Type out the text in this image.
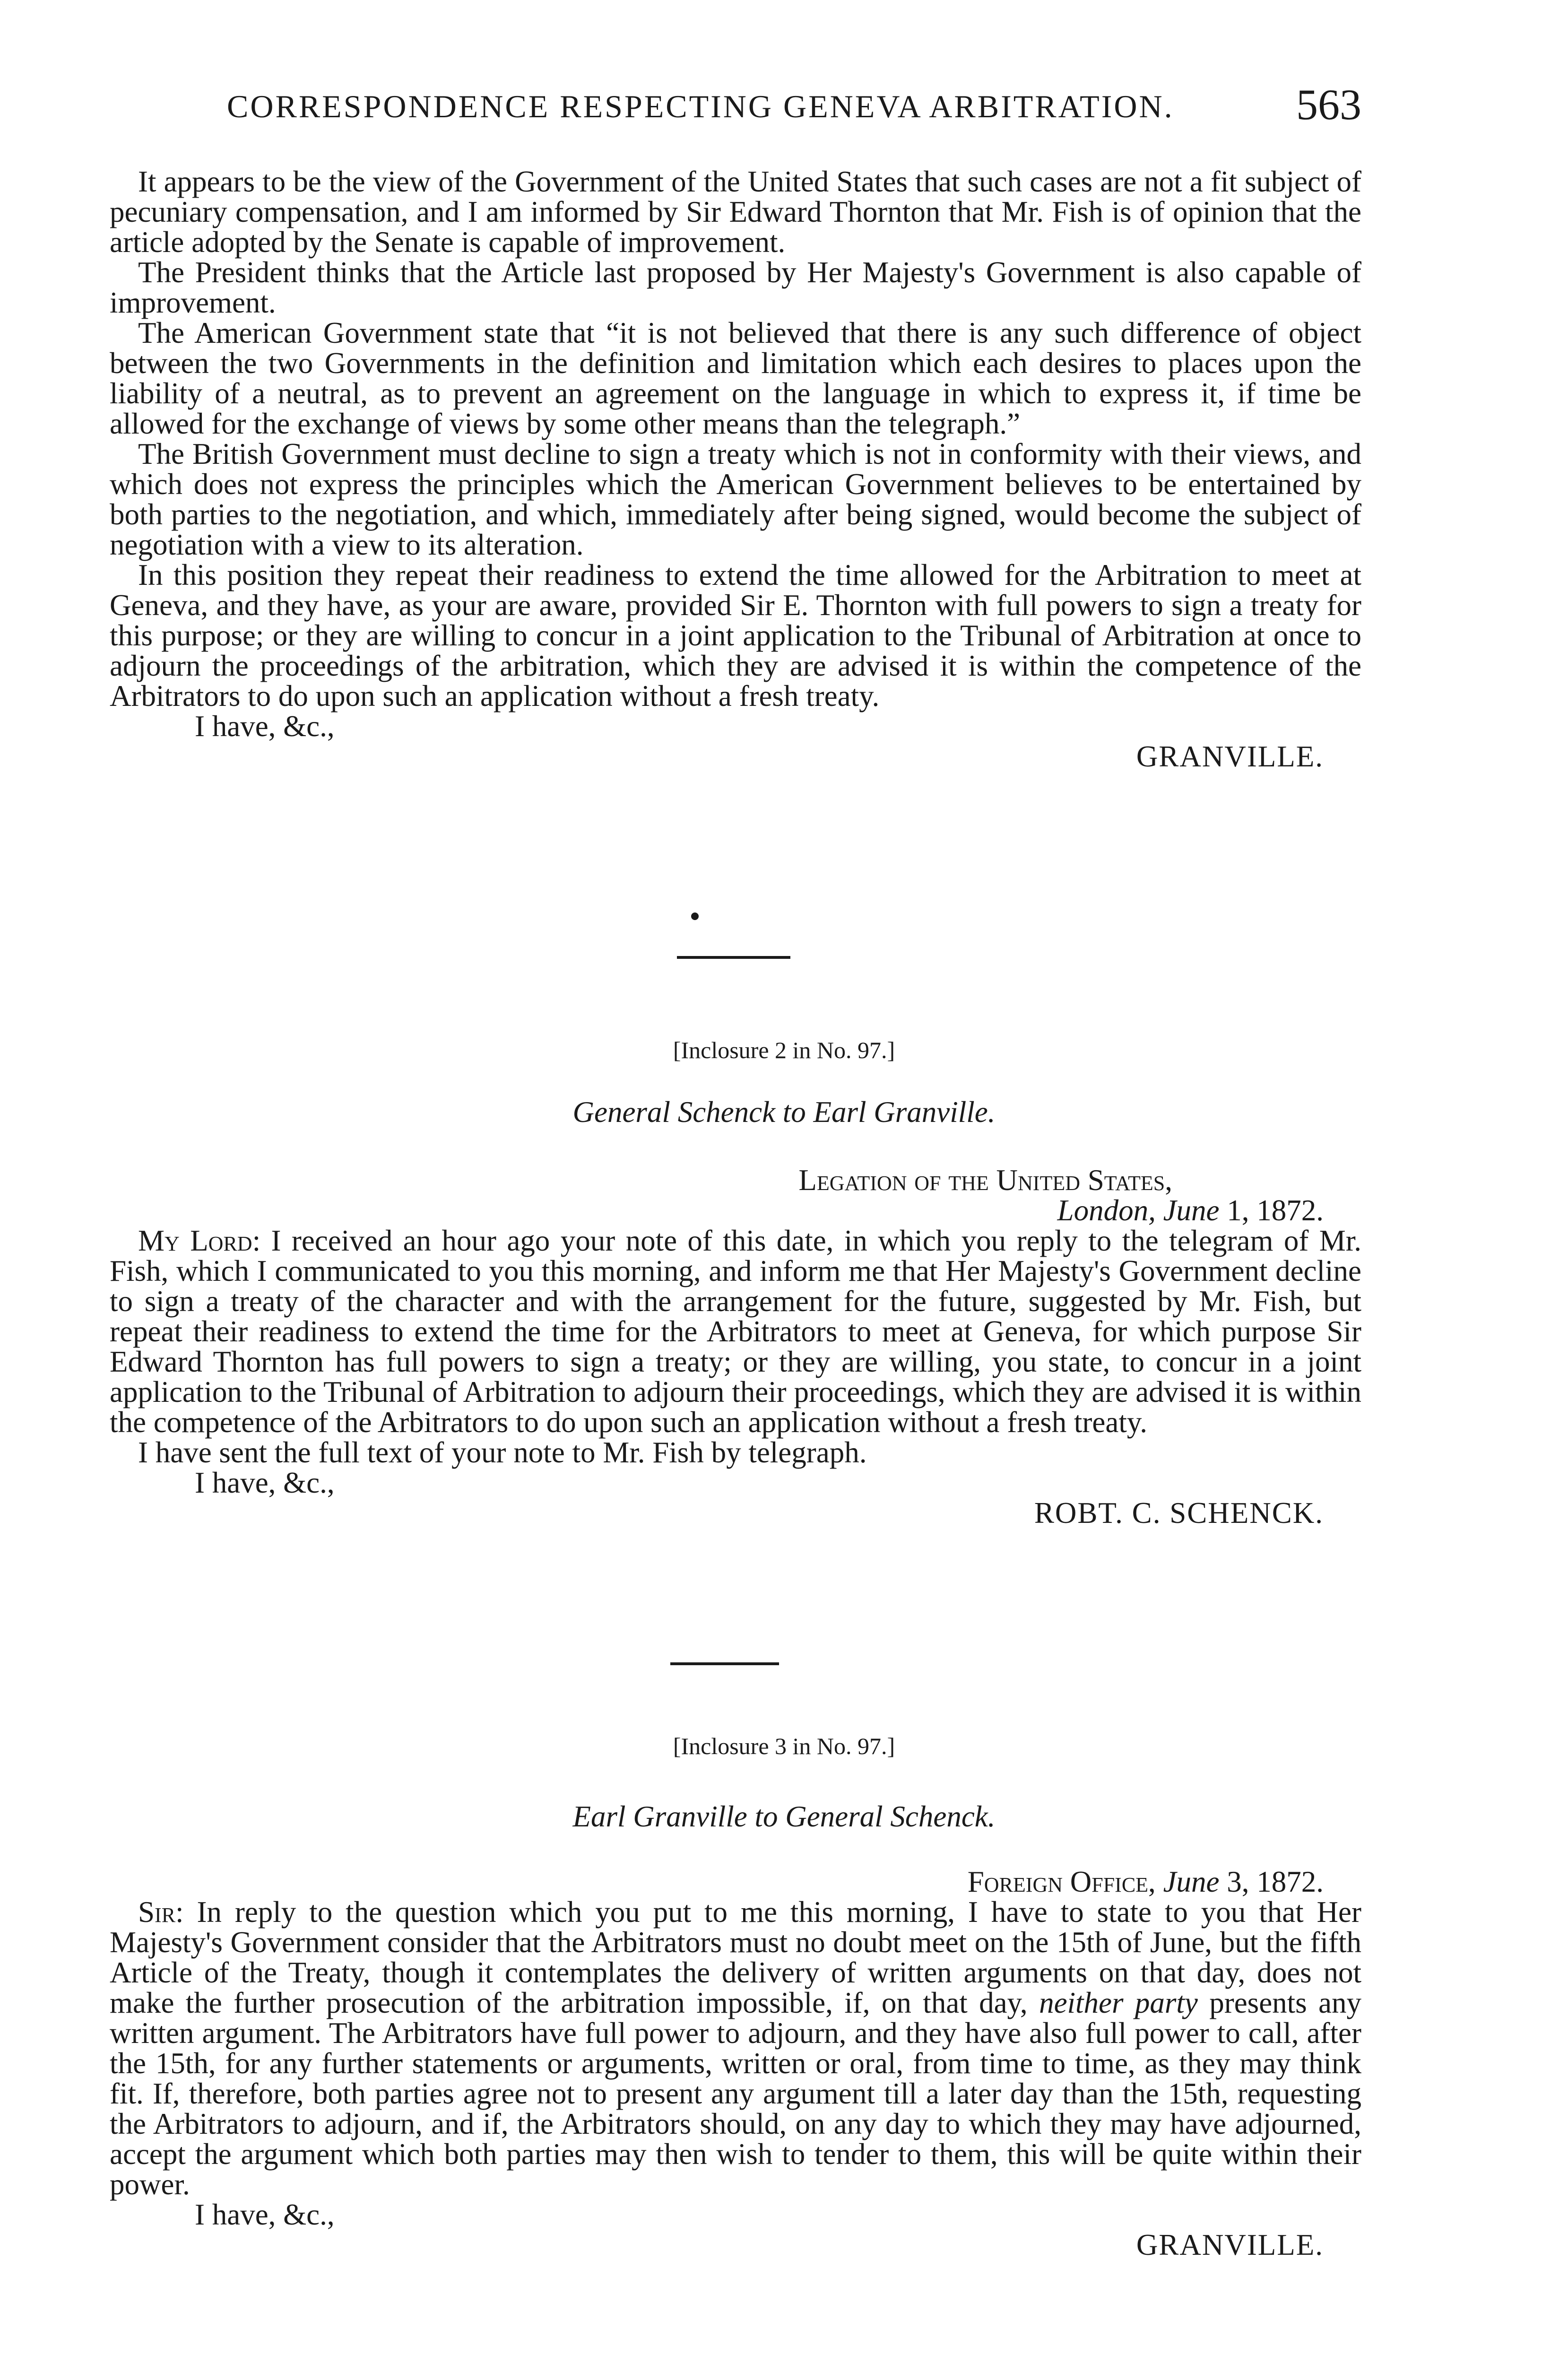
CORRESPONDENCE RESPECTING GENEVA ARBITRATION.	563

It appears to be the view of the Government of the United States that such cases are not a fit subject of pecuniary compensation, and I am informed by Sir Edward Thornton that Mr. Fish is of opinion that the article adopted by the Senate is capable of improvement.

The President thinks that the Article last proposed by Her Majesty's Government is also capable of improvement.

The American Government state that “it is not believed that there is any such difference of object between the two Governments in the definition and limitation which each desires to places upon the liability of a neutral, as to prevent an agreement on the language in which to express it, if time be allowed for the exchange of views by some other means than the telegraph.”

The British Government must decline to sign a treaty which is not in conformity with their views, and which does not express the principles which the American Government believes to be entertained by both parties to the negotiation, and which, immediately after being signed, would become the subject of negotiation with a view to its alteration.

In this position they repeat their readiness to extend the time allowed for the Arbitration to meet at Geneva, and they have, as your are aware, provided Sir E. Thornton with full powers to sign a treaty for this purpose; or they are willing to concur in a joint application to the Tribunal of Arbitration at once to adjourn the proceedings of the arbitration, which they are advised it is within the competence of the Arbitrators to do upon such an application without a fresh treaty.

I have, &c.,
GRANVILLE.
[Inclosure 2 in No. 97.]
General Schenck to Earl Granville.
Legation of the United States,
London, June 1, 1872.

My Lord: I received an hour ago your note of this date, in which you reply to the telegram of Mr. Fish, which I communicated to you this morning, and inform me that Her Majesty's Government decline to sign a treaty of the character and with the arrangement for the future, suggested by Mr. Fish, but repeat their readiness to extend the time for the Arbitrators to meet at Geneva, for which purpose Sir Edward Thornton has full powers to sign a treaty; or they are willing, you state, to concur in a joint application to the Tribunal of Arbitration to adjourn their proceedings, which they are advised it is within the competence of the Arbitrators to do upon such an application without a fresh treaty.

I have sent the full text of your note to Mr. Fish by telegraph.

I have, &c.,
ROBT. C. SCHENCK.
[Inclosure 3 in No. 97.]
Earl Granville to General Schenck.
Foreign Office, June 3, 1872.

Sir: In reply to the question which you put to me this morning, I have to state to you that Her Majesty's Government consider that the Arbitrators must no doubt meet on the 15th of June, but the fifth Article of the Treaty, though it contemplates the delivery of written arguments on that day, does not make the further prosecution of the arbitration impossible, if, on that day, neither party presents any written argument. The Arbitrators have full power to adjourn, and they have also full power to call, after the 15th, for any further statements or arguments, written or oral, from time to time, as they may think fit. If, therefore, both parties agree not to present any argument till a later day than the 15th, requesting the Arbitrators to adjourn, and if, the Arbitrators should, on any day to which they may have adjourned, accept the argument which both parties may then wish to tender to them, this will be quite within their power.

I have, &c.,
GRANVILLE.
